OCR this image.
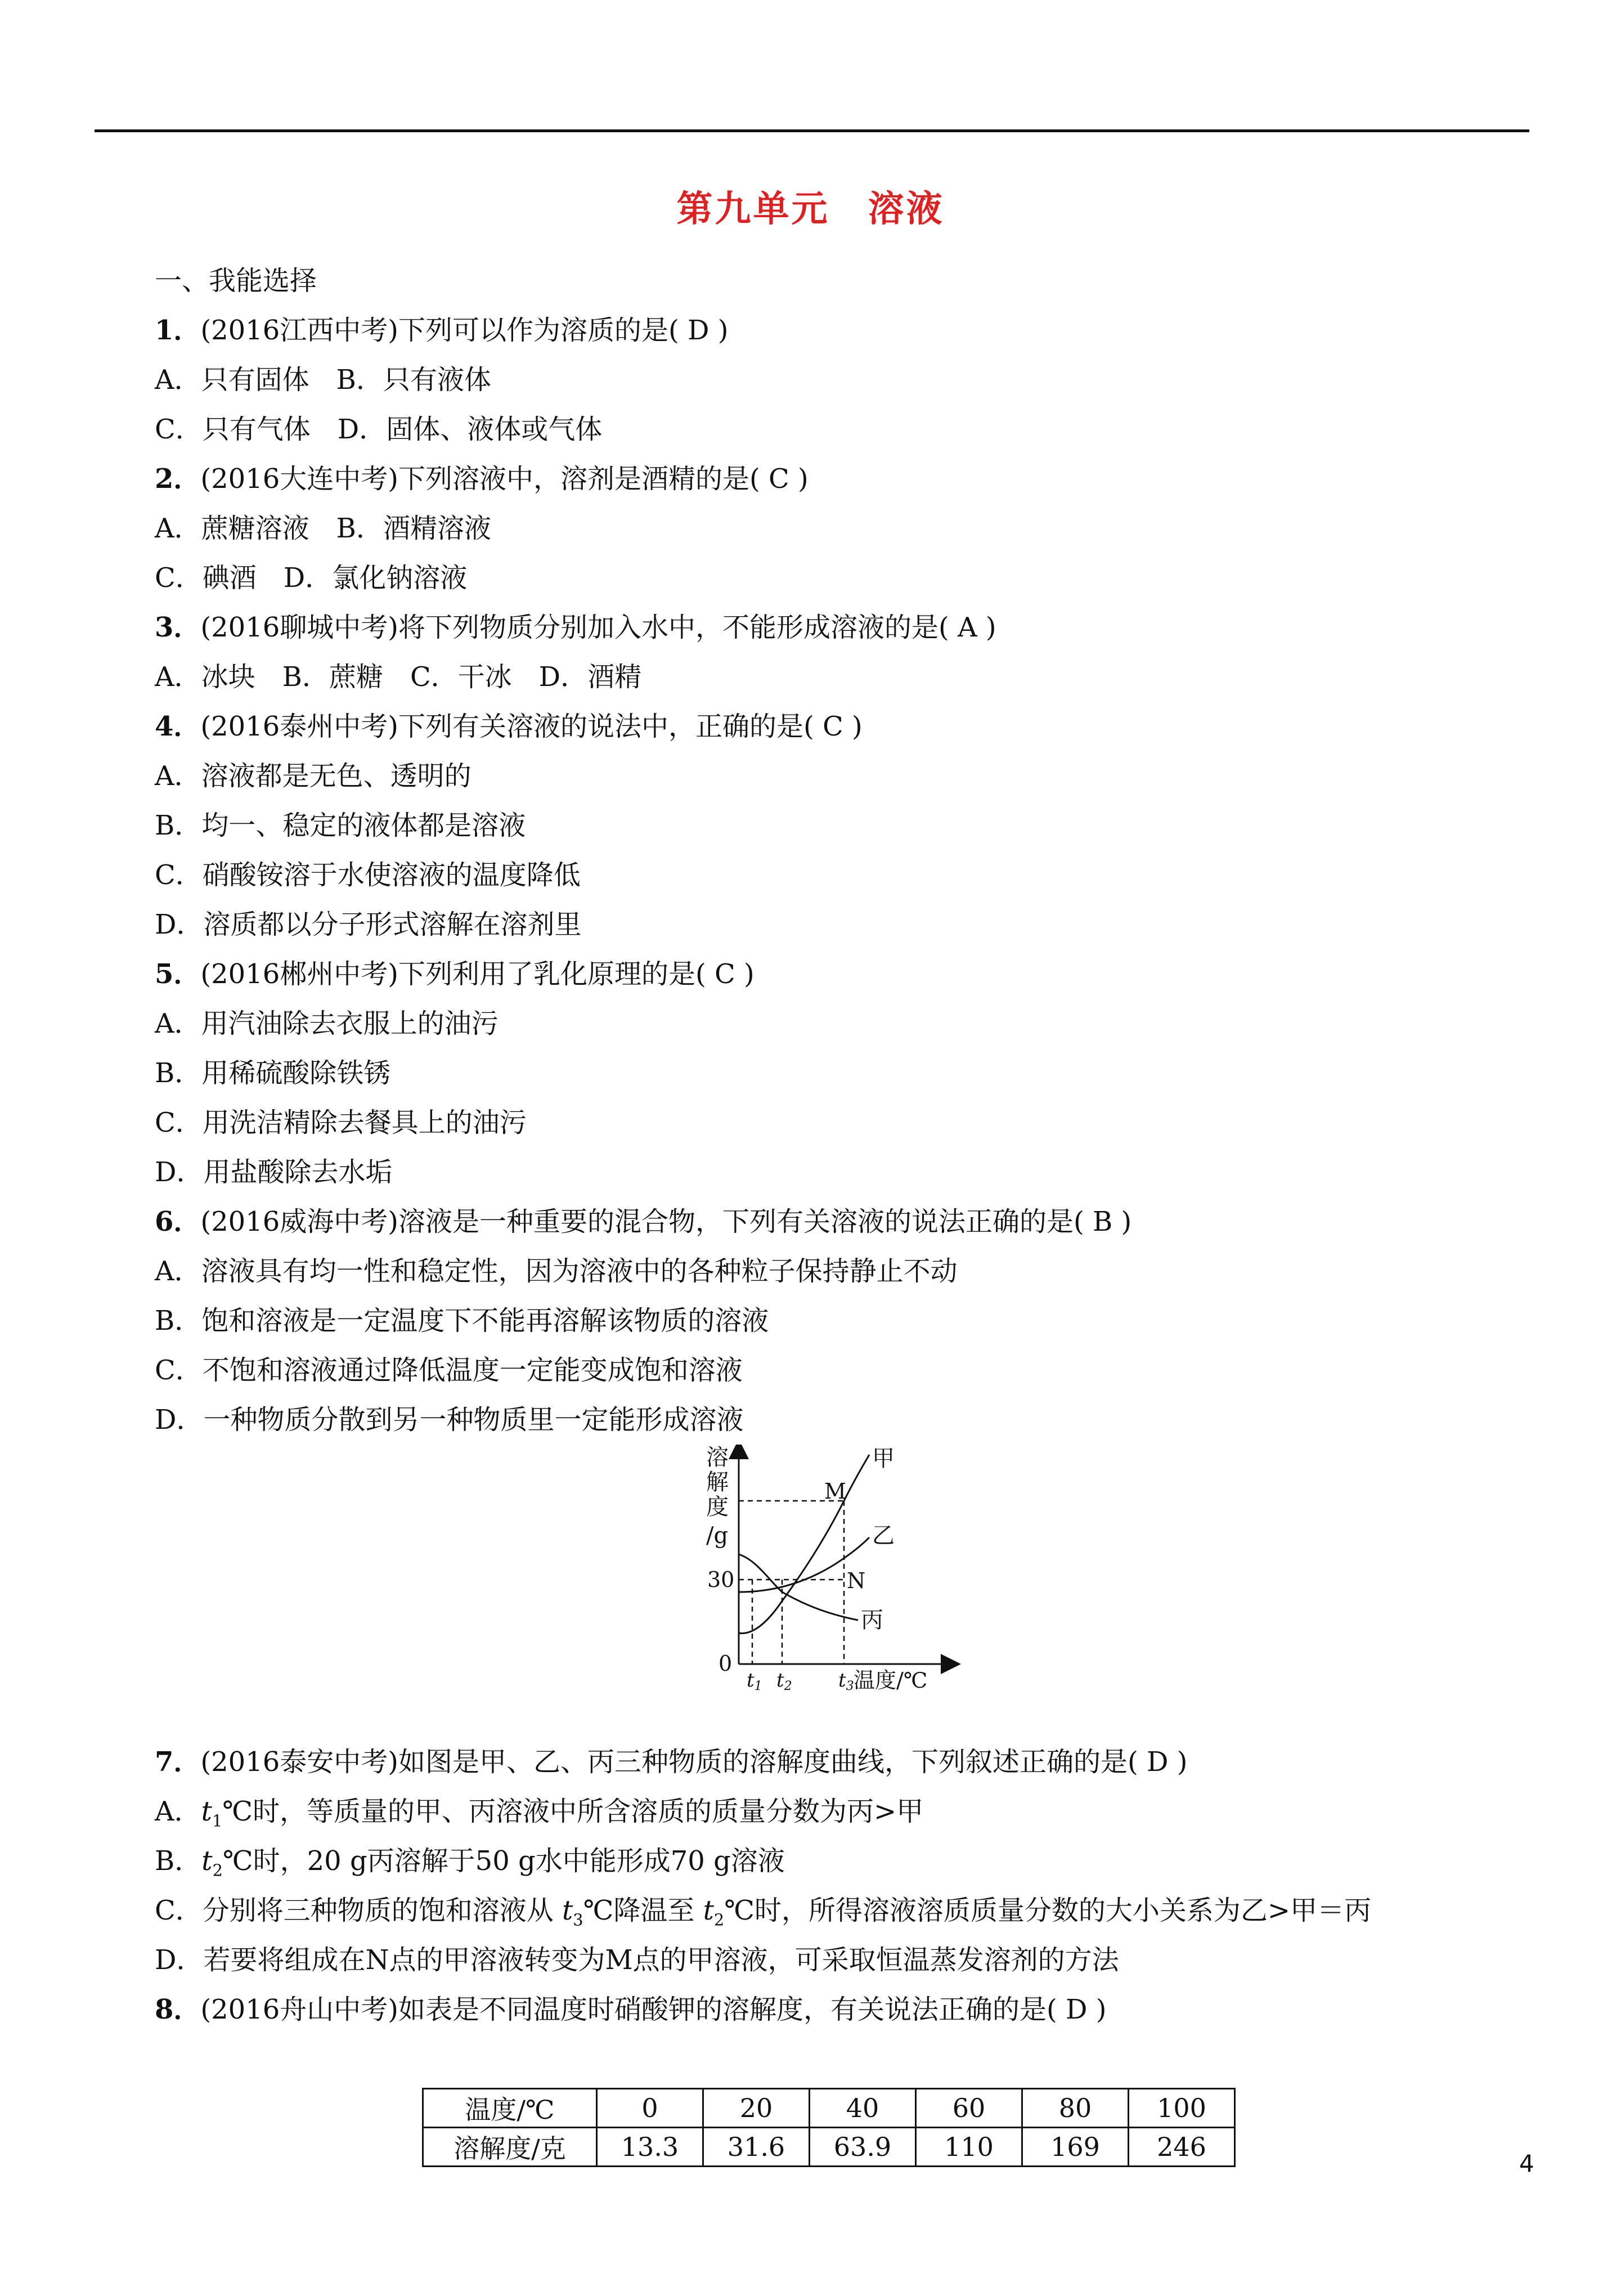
第九单元　溶液
一、我能选择
1．(2016江西中考)下列可以作为溶质的是( D )
A．只有固体　B．只有液体
C．只有气体　D．固体、液体或气体
2．(2016大连中考)下列溶液中，溶剂是酒精的是( C )
A．蔗糖溶液　B．酒精溶液
C．碘酒　D．氯化钠溶液
3．(2016聊城中考)将下列物质分别加入水中，不能形成溶液的是( A )
A．冰块　B．蔗糖　C．干冰　D．酒精
4．(2016泰州中考)下列有关溶液的说法中，正确的是( C )
A．溶液都是无色、透明的
B．均一、稳定的液体都是溶液
C．硝酸铵溶于水使溶液的温度降低
D．溶质都以分子形式溶解在溶剂里
5．(2016郴州中考)下列利用了乳化原理的是( C )
A．用汽油除去衣服上的油污
B．用稀硫酸除铁锈
C．用洗洁精除去餐具上的油污
D．用盐酸除去水垢
6．(2016威海中考)溶液是一种重要的混合物，下列有关溶液的说法正确的是( B )
A．溶液具有均一性和稳定性，因为溶液中的各种粒子保持静止不动
B．饱和溶液是一定温度下不能再溶解该物质的溶液
C．不饱和溶液通过降低温度一定能变成饱和溶液
D．一种物质分散到另一种物质里一定能形成溶液
溶
解
度
/g
30
0
t1 t2 t3 温度/℃
甲
乙
丙
M
N
7．(2016泰安中考)如图是甲、乙、丙三种物质的溶解度曲线，下列叙述正确的是( D )
A．$t_1℃$时，等质量的甲、丙溶液中所含溶质的质量分数为丙>甲
B．$t_2℃$时，20 g丙溶解于50 g水中能形成70 g溶液
C．分别将三种物质的饱和溶液从 $t_3℃$降温至 $t_2℃$时，所得溶液溶质质量分数的大小关系为乙>甲＝丙
D．若要将组成在N点的甲溶液转变为M点的甲溶液，可采取恒温蒸发溶剂的方法
8．(2016舟山中考)如表是不同温度时硝酸钾的溶解度，有关说法正确的是( D )
温度/℃	0	20	40	60	80	100
溶解度/克	13.3	31.6	63.9	110	169	246
4
